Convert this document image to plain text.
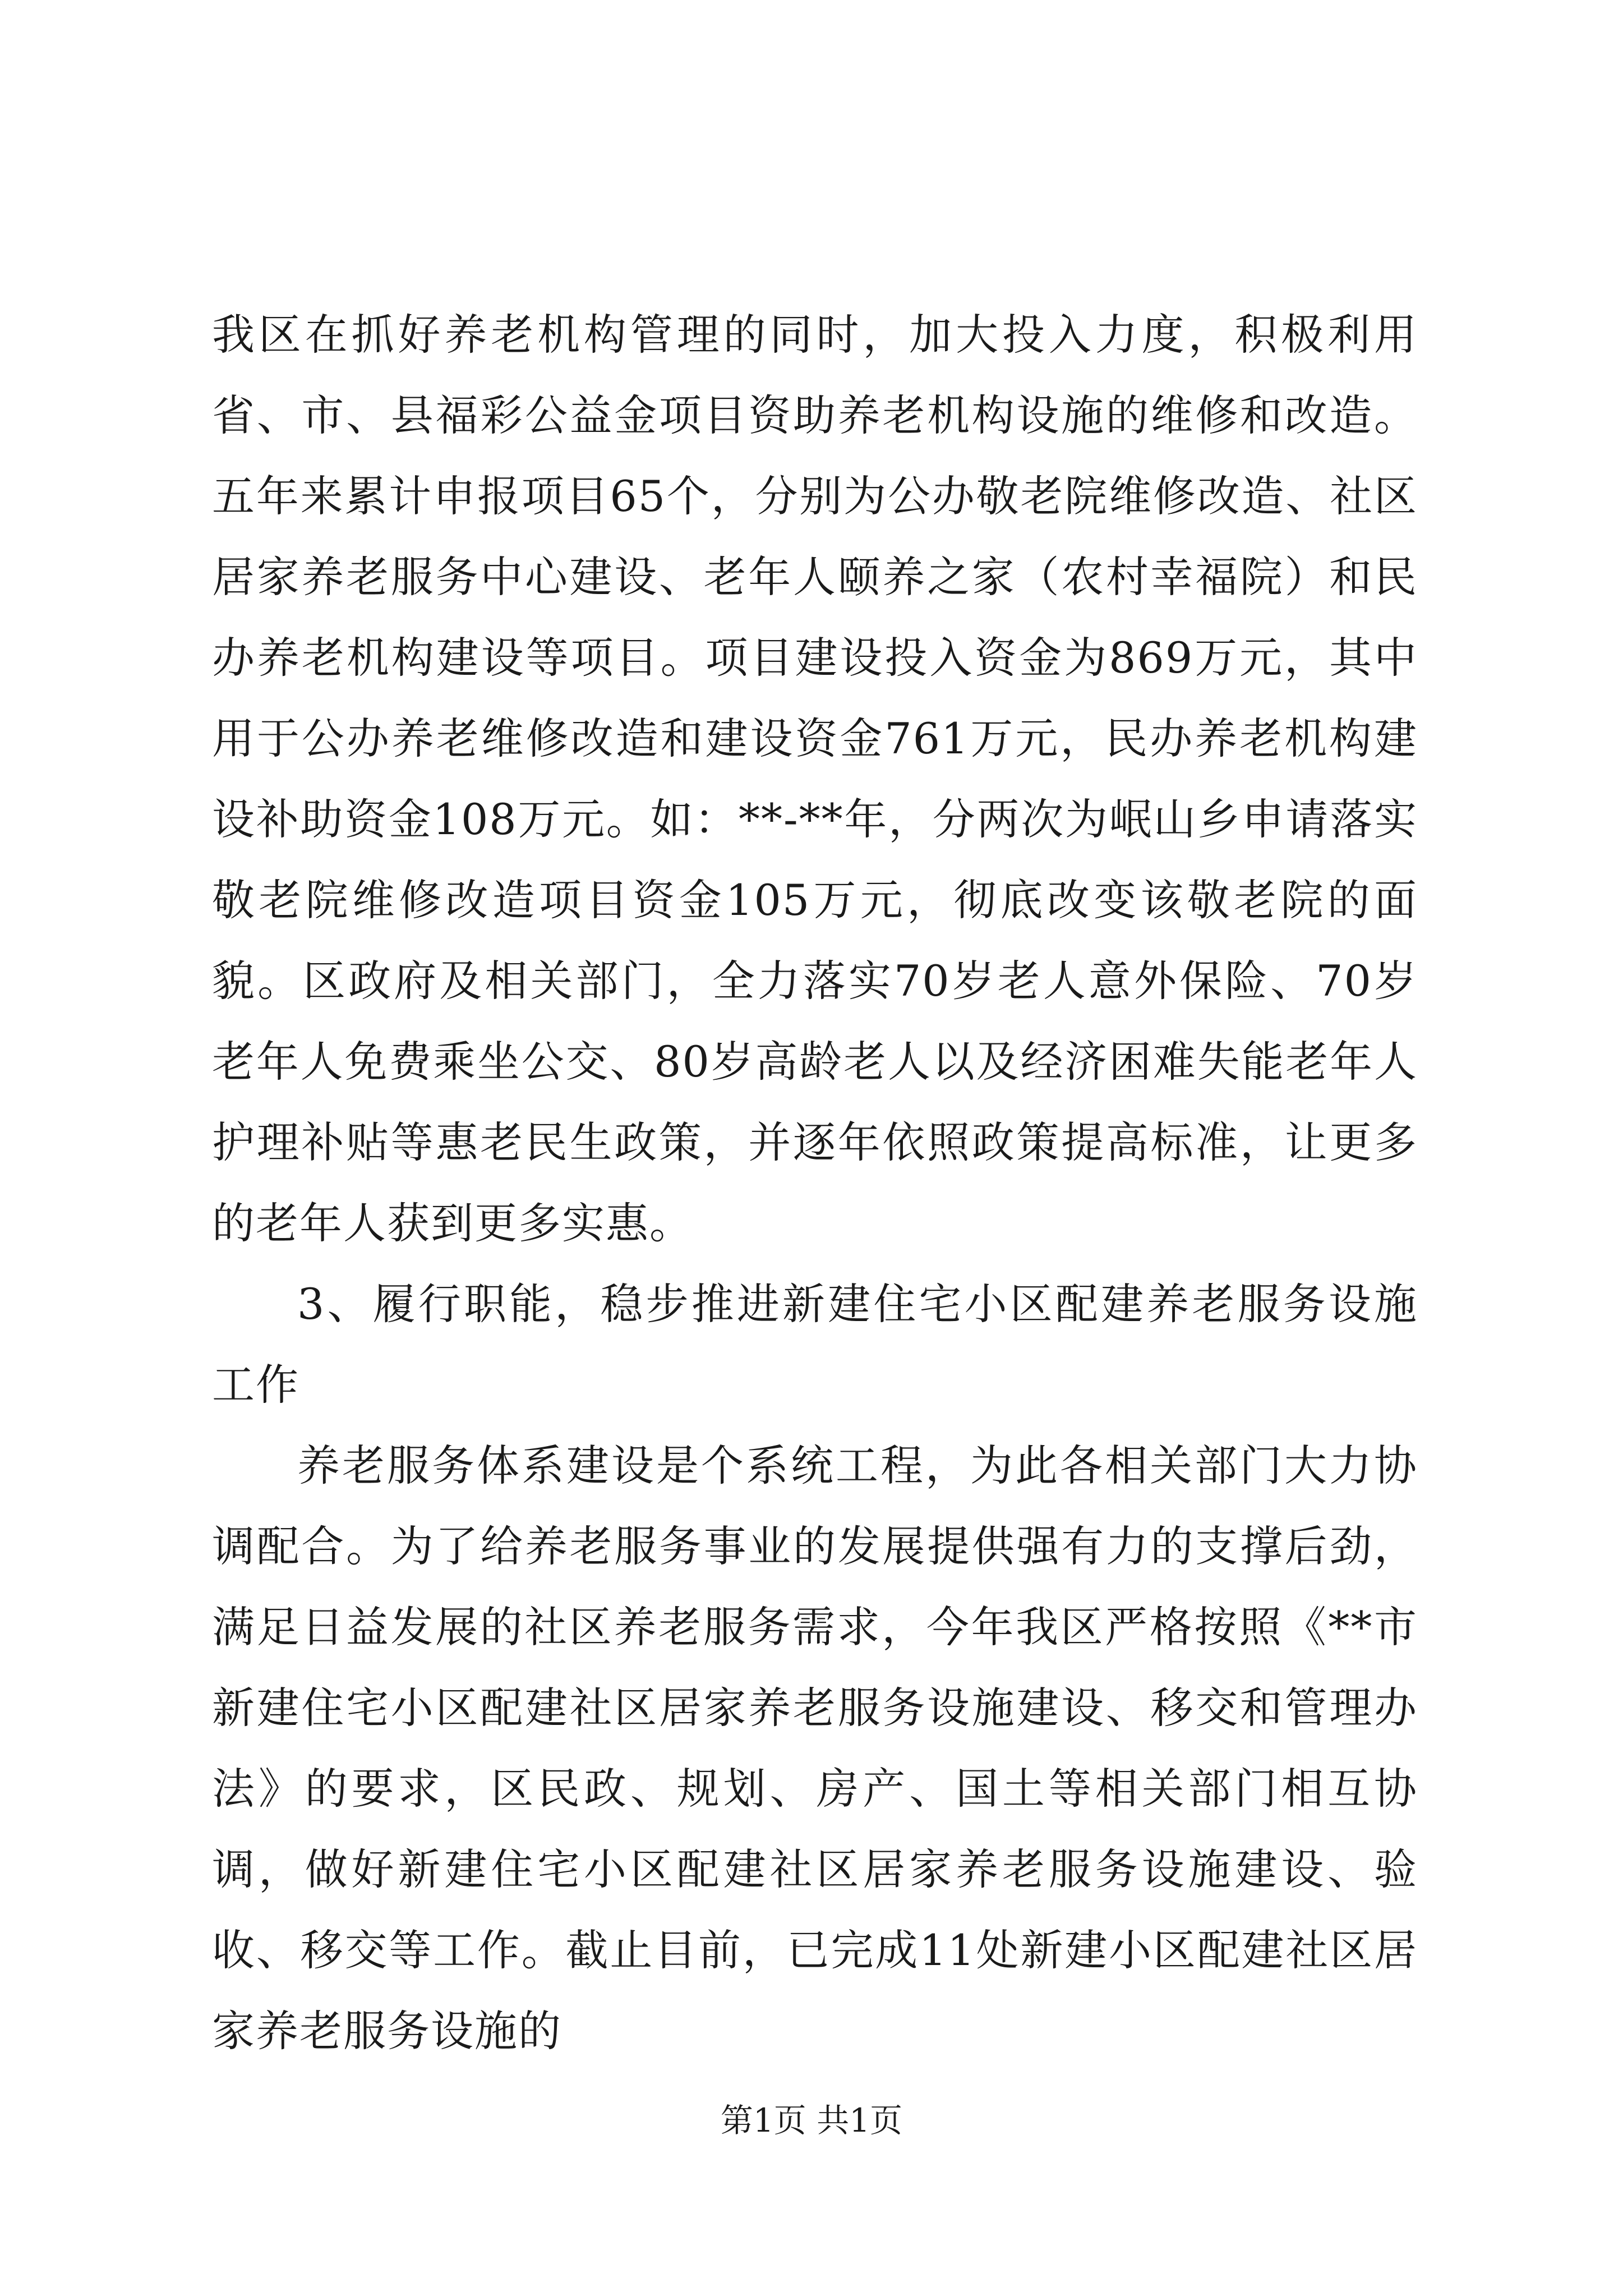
我区在抓好养老机构管理的同时，加大投入力度，积极利用省、市、县福彩公益金项目资助养老机构设施的维修和改造。五年来累计申报项目65个，分别为公办敬老院维修改造、社区居家养老服务中心建设、老年人颐养之家（农村幸福院）和民办养老机构建设等项目。项目建设投入资金为869万元，其中用于公办养老维修改造和建设资金761万元，民办养老机构建设补助资金108万元。如：**-**年，分两次为岷山乡申请落实敬老院维修改造项目资金105万元，彻底改变该敬老院的面貌。区政府及相关部门，全力落实70岁老人意外保险、70岁老年人免费乘坐公交、80岁高龄老人以及经济困难失能老年人护理补贴等惠老民生政策，并逐年依照政策提高标准，让更多的老年人获到更多实惠。

3、履行职能，稳步推进新建住宅小区配建养老服务设施工作

养老服务体系建设是个系统工程，为此各相关部门大力协调配合。为了给养老服务事业的发展提供强有力的支撑后劲，满足日益发展的社区养老服务需求，今年我区严格按照《**市新建住宅小区配建社区居家养老服务设施建设、移交和管理办法》的要求，区民政、规划、房产、国土等相关部门相互协调，做好新建住宅小区配建社区居家养老服务设施建设、验收、移交等工作。截止目前，已完成11处新建小区配建社区居家养老服务设施的

第1页 共1页
